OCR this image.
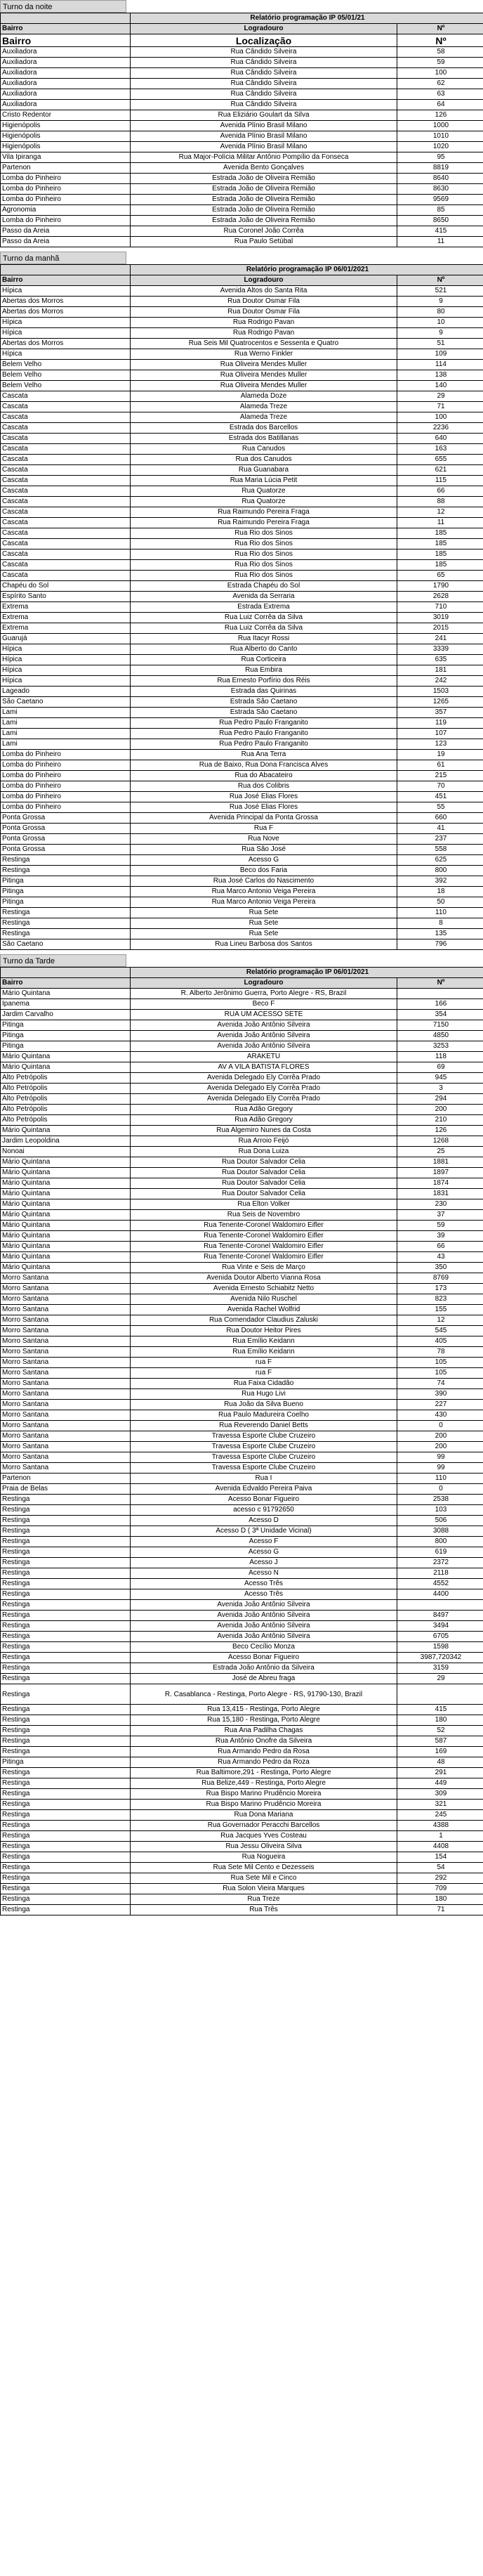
Turno da noite
	Relatório programação IP 05/01/21	
Bairro	Logradouro	Nº
Bairro	Localização	Nº
Auxiliadora	Rua Cândido Silveira	58
Auxiliadora	Rua Cândido Silveira	59
Auxiliadora	Rua Cândido Silveira	100
Auxiliadora	Rua Cândido Silveira	62
Auxiliadora	Rua Cândido Silveira	63
Auxiliadora	Rua Cândido Silveira	64
Cristo Redentor	Rua Eliziário Goulart da Silva	126
Higienópolis	Avenida Plínio Brasil Milano	1000
Higienópolis	Avenida Plínio Brasil Milano	1010
Higienópolis	Avenida Plínio Brasil Milano	1020
Vila Ipiranga	Rua Major-Polícia Militar Antônio Pompílio da Fonseca	95
Partenon	Avenida Bento Gonçalves	8819
Lomba do Pinheiro	Estrada João de Oliveira Remião	8640
Lomba do Pinheiro	Estrada João de Oliveira Remião	8630
Lomba do Pinheiro	Estrada João de Oliveira Remião	9569
Agronomia	Estrada João de Oliveira Remião	85
Lomba do Pinheiro	Estrada João de Oliveira Remião	8650
Passo da Areia	Rua Coronel João Corrêa	415
Passo da Areia	Rua Paulo Setúbal	11
Turno da manhã
	Relatório programação IP 06/01/2021	
Bairro	Logradouro	Nº
Hípica	Avenida Altos do Santa Rita	521
Abertas dos Morros	Rua Doutor Osmar Fila	9
Abertas dos Morros	Rua Doutor Osmar Fila	80
Hípica	Rua Rodrigo Pavan	10
Hípica	Rua Rodrigo Pavan	9
Abertas dos Morros	Rua Seis Mil Quatrocentos e Sessenta e Quatro	51
Hípica	Rua Werno Finkler	109
Belem Velho	Rua Oliveira Mendes Muller	114
Belem Velho	Rua Oliveira Mendes Muller	138
Belem Velho	Rua Oliveira Mendes Muller	140
Cascata	Alameda Doze	29
Cascata	Alameda Treze	71
Cascata	Alameda Treze	100
Cascata	Estrada dos Barcellos	2236
Cascata	Estrada dos Batillanas	640
Cascata	Rua Canudos	163
Cascata	Rua dos Canudos	655
Cascata	Rua Guanabara	621
Cascata	Rua Maria Lúcia Petit	115
Cascata	Rua Quatorze	66
Cascata	Rua Quatorze	88
Cascata	Rua Raimundo Pereira Fraga	12
Cascata	Rua Raimundo Pereira Fraga	11
Cascata	Rua Rio dos Sinos	185
Cascata	Rua Rio dos Sinos	185
Cascata	Rua Rio dos Sinos	185
Cascata	Rua Rio dos Sinos	185
Cascata	Rua Rio dos Sinos	65
Chapéu do Sol	Estrada Chapéu do Sol	1790
Espírito Santo	Avenida da Serraria	2628
Extrema	Estrada Extrema	710
Extrema	Rua Luiz Corrêa da Silva	3019
Extrema	Rua Luiz Corrêa da Silva	2015
Guarujá	Rua Itacyr Rossi	241
Hípica	Rua Alberto do Canto	3339
Hípica	Rua Corticeira	635
Hípica	Rua Embira	181
Hípica	Rua Ernesto Porfírio dos Réis	242
Lageado	Estrada das Quirinas	1503
São Caetano	Estrada São Caetano	1265
Lami	Estrada São Caetano	357
Lami	Rua Pedro Paulo Franganito	119
Lami	Rua Pedro Paulo Franganito	107
Lami	Rua Pedro Paulo Franganito	123
Lomba do Pinheiro	Rua Ana Terra	19
Lomba do Pinheiro	Rua de Baixo, Rua Dona Francisca Alves	61
Lomba do Pinheiro	Rua do Abacateiro	215
Lomba do Pinheiro	Rua dos Colibris	70
Lomba do Pinheiro	Rua José Elias Flores	451
Lomba do Pinheiro	Rua José Elias Flores	55
Ponta Grossa	Avenida Principal da Ponta Grossa	660
Ponta Grossa	Rua F	41
Ponta Grossa	Rua Nove	237
Ponta Grossa	Rua São José	558
Restinga	Acesso G	625
Restinga	Beco dos Faria	800
Pitinga	Rua José Carlos do Nascimento	392
Pitinga	Rua Marco Antonio Veiga Pereira	18
Pitinga	Rua Marco Antonio Veiga Pereira	50
Restinga	Rua Sete	110
Restinga	Rua Sete	8
Restinga	Rua Sete	135
São Caetano	Rua Lineu Barbosa dos Santos	796
Turno da Tarde
	Relatório programação IP 06/01/2021	
Bairro	Logradouro	Nº
Mário Quintana	R. Alberto Jerônimo Guerra, Porto Alegre - RS, Brazil	
Ipanema	Beco F	166
Jardim Carvalho	RUA UM ACESSO SETE	354
Pitinga	Avenida João Antônio Silveira	7150
Pitinga	Avenida João Antônio Silveira	4850
Pitinga	Avenida João Antônio Silveira	3253
Mário Quintana	ARAKETU	118
Mário Quintana	AV A VILA BATISTA FLORES	69
Alto Petrópolis	Avenida Delegado Ely Corrêa Prado	945
Alto Petrópolis	Avenida Delegado Ely Corrêa Prado	3
Alto Petrópolis	Avenida Delegado Ely Corrêa Prado	294
Alto Petrópolis	Rua Adão Gregory	200
Alto Petrópolis	Rua Adão Gregory	210
Mário Quintana	Rua Algemiro Nunes da Costa	126
Jardim Leopoldina	Rua Arroio Feijó	1268
Nonoai	Rua Dona Luiza	25
Mário Quintana	Rua Doutor Salvador Celia	1881
Mário Quintana	Rua Doutor Salvador Celia	1897
Mário Quintana	Rua Doutor Salvador Celia	1874
Mário Quintana	Rua Doutor Salvador Celia	1831
Mário Quintana	Rua Elton Volker	230
Mário Quintana	Rua Seis de Novembro	37
Mário Quintana	Rua Tenente-Coronel Waldomiro Eifler	59
Mário Quintana	Rua Tenente-Coronel Waldomiro Eifler	39
Mário Quintana	Rua Tenente-Coronel Waldomiro Eifler	66
Mário Quintana	Rua Tenente-Coronel Waldomiro Eifler	43
Mário Quintana	Rua Vinte e Seis de Março	350
Morro Santana	Avenida Doutor Alberto Vianna Rosa	8769
Morro Santana	Avenida Ernesto Schiabitz Netto	173
Morro Santana	Avenida Nilo Ruschel	823
Morro Santana	Avenida Rachel Wolfrid	155
Morro Santana	Rua Comendador Claudius Zaluski	12
Morro Santana	Rua Doutor Heitor Pires	545
Morro Santana	Rua Emílio Keidann	405
Morro Santana	Rua Emílio Keidann	78
Morro Santana	rua F	105
Morro Santana	rua F	105
Morro Santana	Rua Faixa Cidadão	74
Morro Santana	Rua Hugo Livi	390
Morro Santana	Rua João da Silva Bueno	227
Morro Santana	Rua Paulo Madureira Coelho	430
Morro Santana	Rua Reverendo Daniel Betts	0
Morro Santana	Travessa Esporte Clube Cruzeiro	200
Morro Santana	Travessa Esporte Clube Cruzeiro	200
Morro Santana	Travessa Esporte Clube Cruzeiro	99
Morro Santana	Travessa Esporte Clube Cruzeiro	99
Partenon	Rua I	110
Praia de Belas	Avenida Edvaldo Pereira Paiva	0
Restinga	Acesso Bonar Figueiro	2538
Restinga	acesso c 91792650	103
Restinga	Acesso D	506
Restinga	Acesso D ( 3ª Unidade Vicinal)	3088
Restinga	Acesso F	800
Restinga	Acesso G	619
Restinga	Acesso J	2372
Restinga	Acesso N	2118
Restinga	Acesso Três	4552
Restinga	Acesso Três	4400
Restinga	Avenida João Antônio Silveira	
Restinga	Avenida João Antônio Silveira	8497
Restinga	Avenida João Antônio Silveira	3494
Restinga	Avenida João Antônio Silveira	6705
Restinga	Beco Cecílio Monza	1598
Restinga	Acesso Bonar Figueiro	3987,720342
Restinga	Estrada João Antônio da Silveira	3159
Restinga	José de Abreu fraga	29
Restinga	R. Casablanca - Restinga, Porto Alegre - RS, 91790-130, Brazil	
Restinga	Rua 13,415 - Restinga, Porto Alegre	415
Restinga	Rua 15,180 - Restinga, Porto Alegre	180
Restinga	Rua Ana Padilha Chagas	52
Restinga	Rua Antônio Onofre da Silveira	587
Restinga	Rua Armando Pedro da Rosa	169
Pitinga	Rua Armando Pedro da Roza	48
Restinga	Rua Baltimore,291 - Restinga, Porto Alegre	291
Restinga	Rua Belize,449 - Restinga, Porto Alegre	449
Restinga	Rua Bispo Marino Prudêncio Moreira	309
Restinga	Rua Bispo Marino Prudêncio Moreira	321
Restinga	Rua Dona Mariana	245
Restinga	Rua Governador Peracchi Barcellos	4388
Restinga	Rua Jacques Yves Costeau	1
Restinga	Rua Jessu Oliveira Silva	4408
Restinga	Rua Nogueira	154
Restinga	Rua Sete Mil Cento e Dezesseis	54
Restinga	Rua Sete Mil e Cinco	292
Restinga	Rua Solon Vieira Marques	709
Restinga	Rua Treze	180
Restinga	Rua Três	71
